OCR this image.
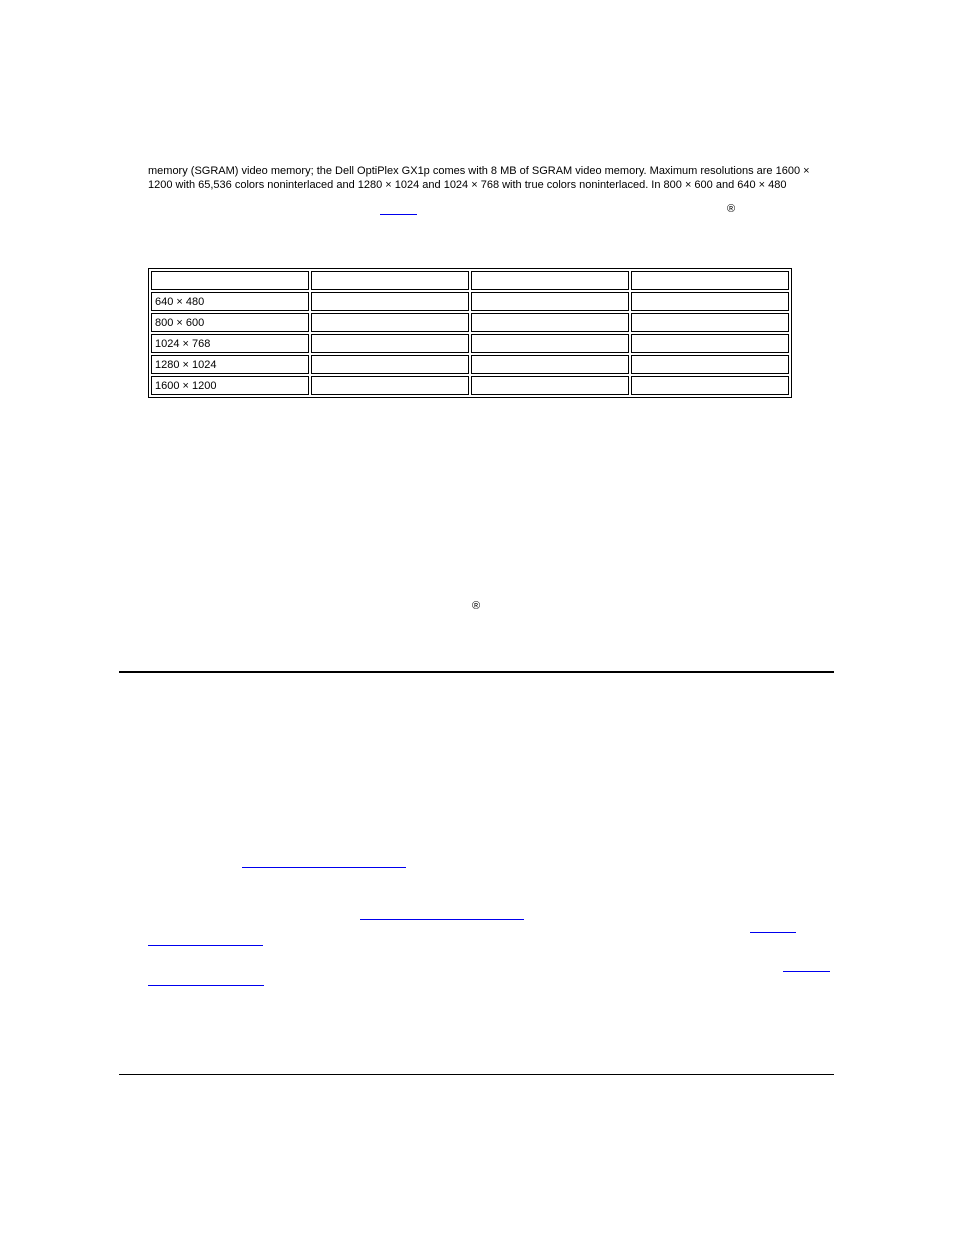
memory (SGRAM) video memory; the Dell OptiPlex GX1p comes with 8 MB of SGRAM video memory. Maximum resolutions are 1600 ×
1200 with 65,536 colors noninterlaced and 1280 × 1024 and 1024 × 768 with true colors noninterlaced. In 800 × 600 and 640 × 480

®

640 × 480			
800 × 600			
1024 × 768			
1280 × 1024			
1600 × 1200			
®
